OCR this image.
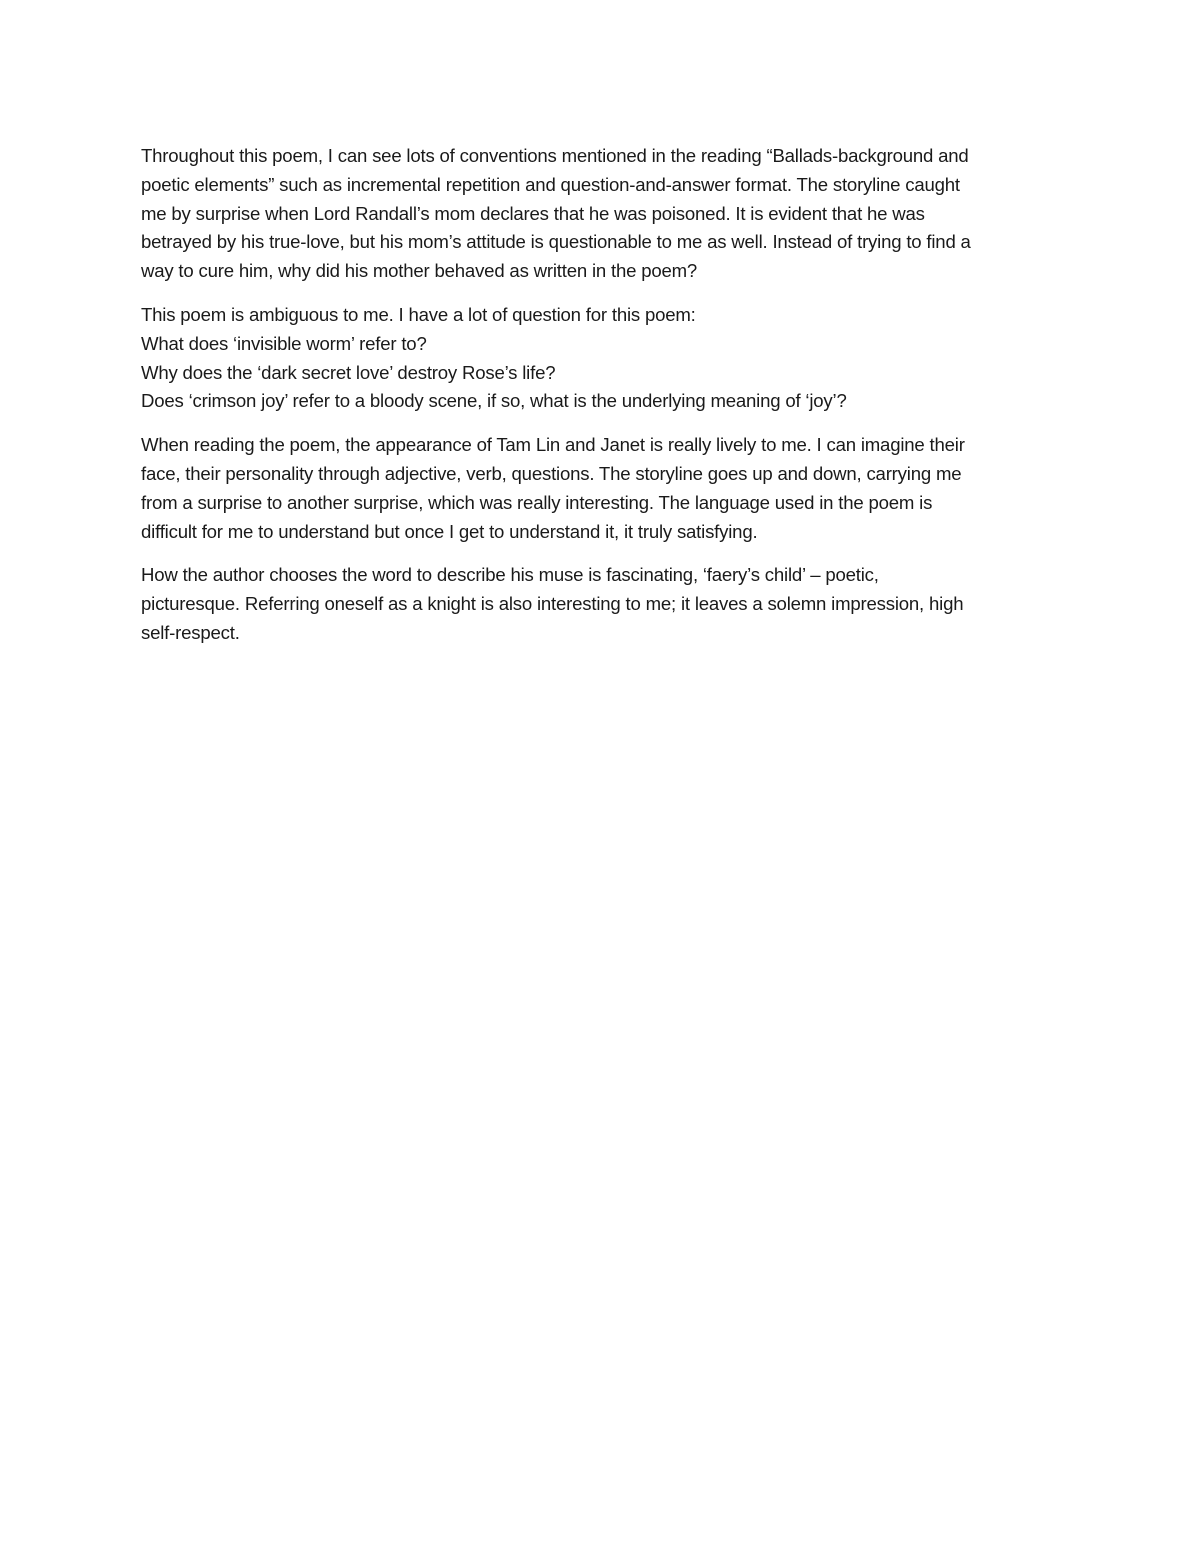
Throughout this poem, I can see lots of conventions mentioned in the reading “Ballads-background and
poetic elements” such as incremental repetition and question-and-answer format. The storyline caught
me by surprise when Lord Randall’s mom declares that he was poisoned. It is evident that he was
betrayed by his true-love, but his mom’s attitude is questionable to me as well. Instead of trying to find a
way to cure him, why did his mother behaved as written in the poem?

This poem is ambiguous to me. I have a lot of question for this poem:
What does ‘invisible worm’ refer to?
Why does the ‘dark secret love’ destroy Rose’s life?
Does ‘crimson joy’ refer to a bloody scene, if so, what is the underlying meaning of ‘joy’?

When reading the poem, the appearance of Tam Lin and Janet is really lively to me. I can imagine their
face, their personality through adjective, verb, questions. The storyline goes up and down, carrying me
from a surprise to another surprise, which was really interesting. The language used in the poem is
difficult for me to understand but once I get to understand it, it truly satisfying.

How the author chooses the word to describe his muse is fascinating, ‘faery’s child’ – poetic,
picturesque. Referring oneself as a knight is also interesting to me; it leaves a solemn impression, high
self-respect.
